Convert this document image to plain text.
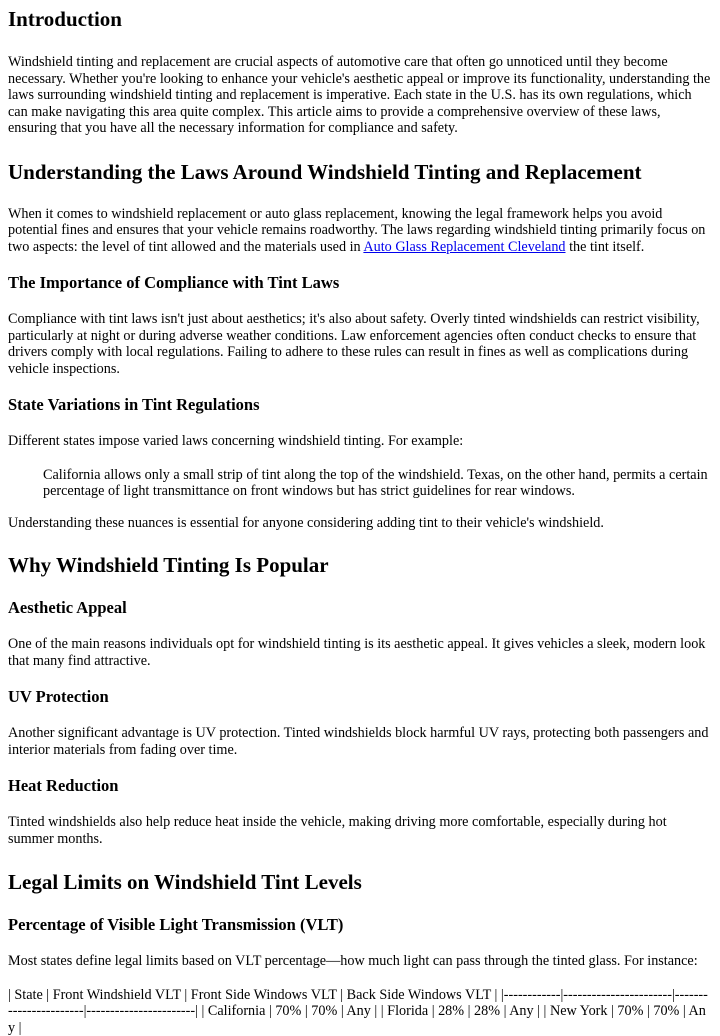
Introduction

Windshield tinting and replacement are crucial aspects of automotive care that often go unnoticed until they become necessary. Whether you're looking to enhance your vehicle's aesthetic appeal or improve its functionality, understanding the laws surrounding windshield tinting and replacement is imperative. Each state in the U.S. has its own regulations, which can make navigating this area quite complex. This article aims to provide a comprehensive overview of these laws, ensuring that you have all the necessary information for compliance and safety.

Understanding the Laws Around Windshield Tinting and Replacement

When it comes to windshield replacement or auto glass replacement, knowing the legal framework helps you avoid potential fines and ensures that your vehicle remains roadworthy. The laws regarding windshield tinting primarily focus on two aspects: the level of tint allowed and the materials used in Auto Glass Replacement Cleveland the tint itself.

The Importance of Compliance with Tint Laws

Compliance with tint laws isn't just about aesthetics; it's also about safety. Overly tinted windshields can restrict visibility, particularly at night or during adverse weather conditions. Law enforcement agencies often conduct checks to ensure that drivers comply with local regulations. Failing to adhere to these rules can result in fines as well as complications during vehicle inspections.

State Variations in Tint Regulations

Different states impose varied laws concerning windshield tinting. For example:

California allows only a small strip of tint along the top of the windshield. Texas, on the other hand, permits a certain percentage of light transmittance on front windows but has strict guidelines for rear windows.

Understanding these nuances is essential for anyone considering adding tint to their vehicle's windshield.

Why Windshield Tinting Is Popular
Aesthetic Appeal

One of the main reasons individuals opt for windshield tinting is its aesthetic appeal. It gives vehicles a sleek, modern look that many find attractive.

UV Protection

Another significant advantage is UV protection. Tinted windshields block harmful UV rays, protecting both passengers and interior materials from fading over time.

Heat Reduction

Tinted windshields also help reduce heat inside the vehicle, making driving more comfortable, especially during hot summer months.

Legal Limits on Windshield Tint Levels
Percentage of Visible Light Transmission (VLT)

Most states define legal limits based on VLT percentage—how much light can pass through the tinted glass. For instance:

| State | Front Windshield VLT | Front Side Windows VLT | Back Side Windows VLT | |------------|-----------------------|-----------------------|-----------------------| | California | 70% | 70% | Any | | Florida | 28% | 28% | Any | | New York | 70% | 70% | Any |
